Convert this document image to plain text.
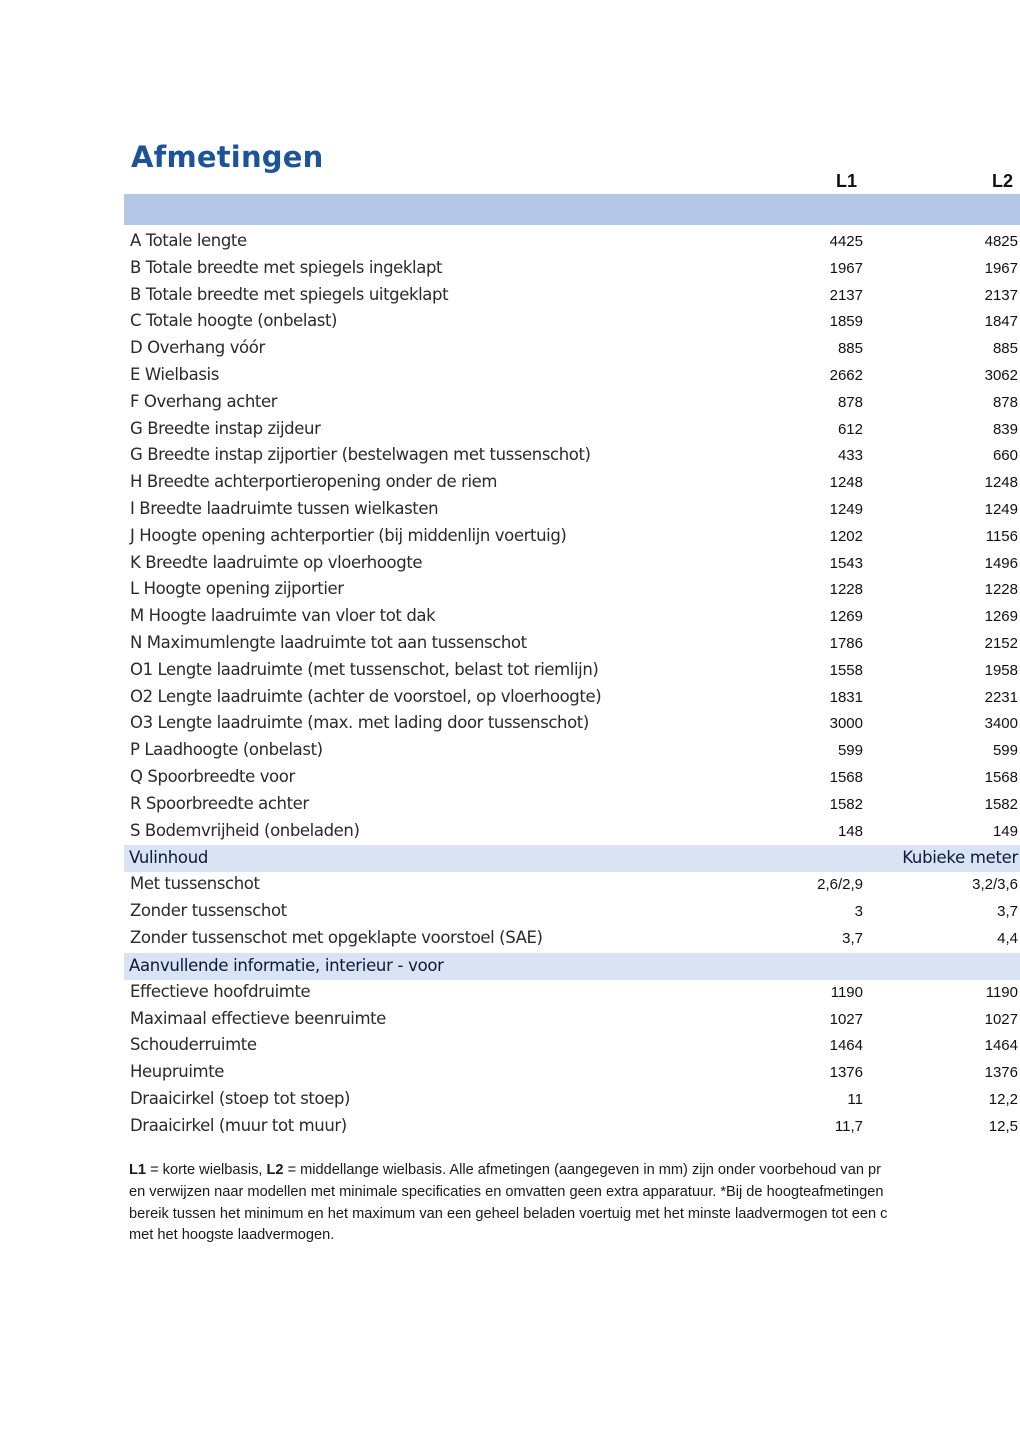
Afmetingen
L1	L2
A Totale lengte	4425	4825
B Totale breedte met spiegels ingeklapt	1967	1967
B Totale breedte met spiegels uitgeklapt	2137	2137
C Totale hoogte (onbelast)	1859	1847
D Overhang vóór	885	885
E Wielbasis	2662	3062
F Overhang achter	878	878
G Breedte instap zijdeur	612	839
G Breedte instap zijportier (bestelwagen met tussenschot)	433	660
H Breedte achterportieropening onder de riem	1248	1248
I Breedte laadruimte tussen wielkasten	1249	1249
J Hoogte opening achterportier (bij middenlijn voertuig)	1202	1156
K Breedte laadruimte op vloerhoogte	1543	1496
L Hoogte opening zijportier	1228	1228
M Hoogte laadruimte van vloer tot dak	1269	1269
N Maximumlengte laadruimte tot aan tussenschot	1786	2152
O1 Lengte laadruimte (met tussenschot, belast tot riemlijn)	1558	1958
O2 Lengte laadruimte (achter de voorstoel, op vloerhoogte)	1831	2231
O3 Lengte laadruimte (max. met lading door tussenschot)	3000	3400
P Laadhoogte (onbelast)	599	599
Q Spoorbreedte voor	1568	1568
R Spoorbreedte achter	1582	1582
S Bodemvrijheid (onbeladen)	148	149
Vulinhoud	Kubieke meter
Met tussenschot	2,6/2,9	3,2/3,6
Zonder tussenschot	3	3,7
Zonder tussenschot met opgeklapte voorstoel (SAE)	3,7	4,4
Aanvullende informatie, interieur - voor
Effectieve hoofdruimte	1190	1190
Maximaal effectieve beenruimte	1027	1027
Schouderruimte	1464	1464
Heupruimte	1376	1376
Draaicirkel (stoep tot stoep)	11	12,2
Draaicirkel (muur tot muur)	11,7	12,5
L1 = korte wielbasis, L2 = middellange wielbasis. Alle afmetingen (aangegeven in mm) zijn onder voorbehoud van pr
en verwijzen naar modellen met minimale specificaties en omvatten geen extra apparatuur. *Bij de hoogteafmetingen
bereik tussen het minimum en het maximum van een geheel beladen voertuig met het minste laadvermogen tot een c
met het hoogste laadvermogen.
